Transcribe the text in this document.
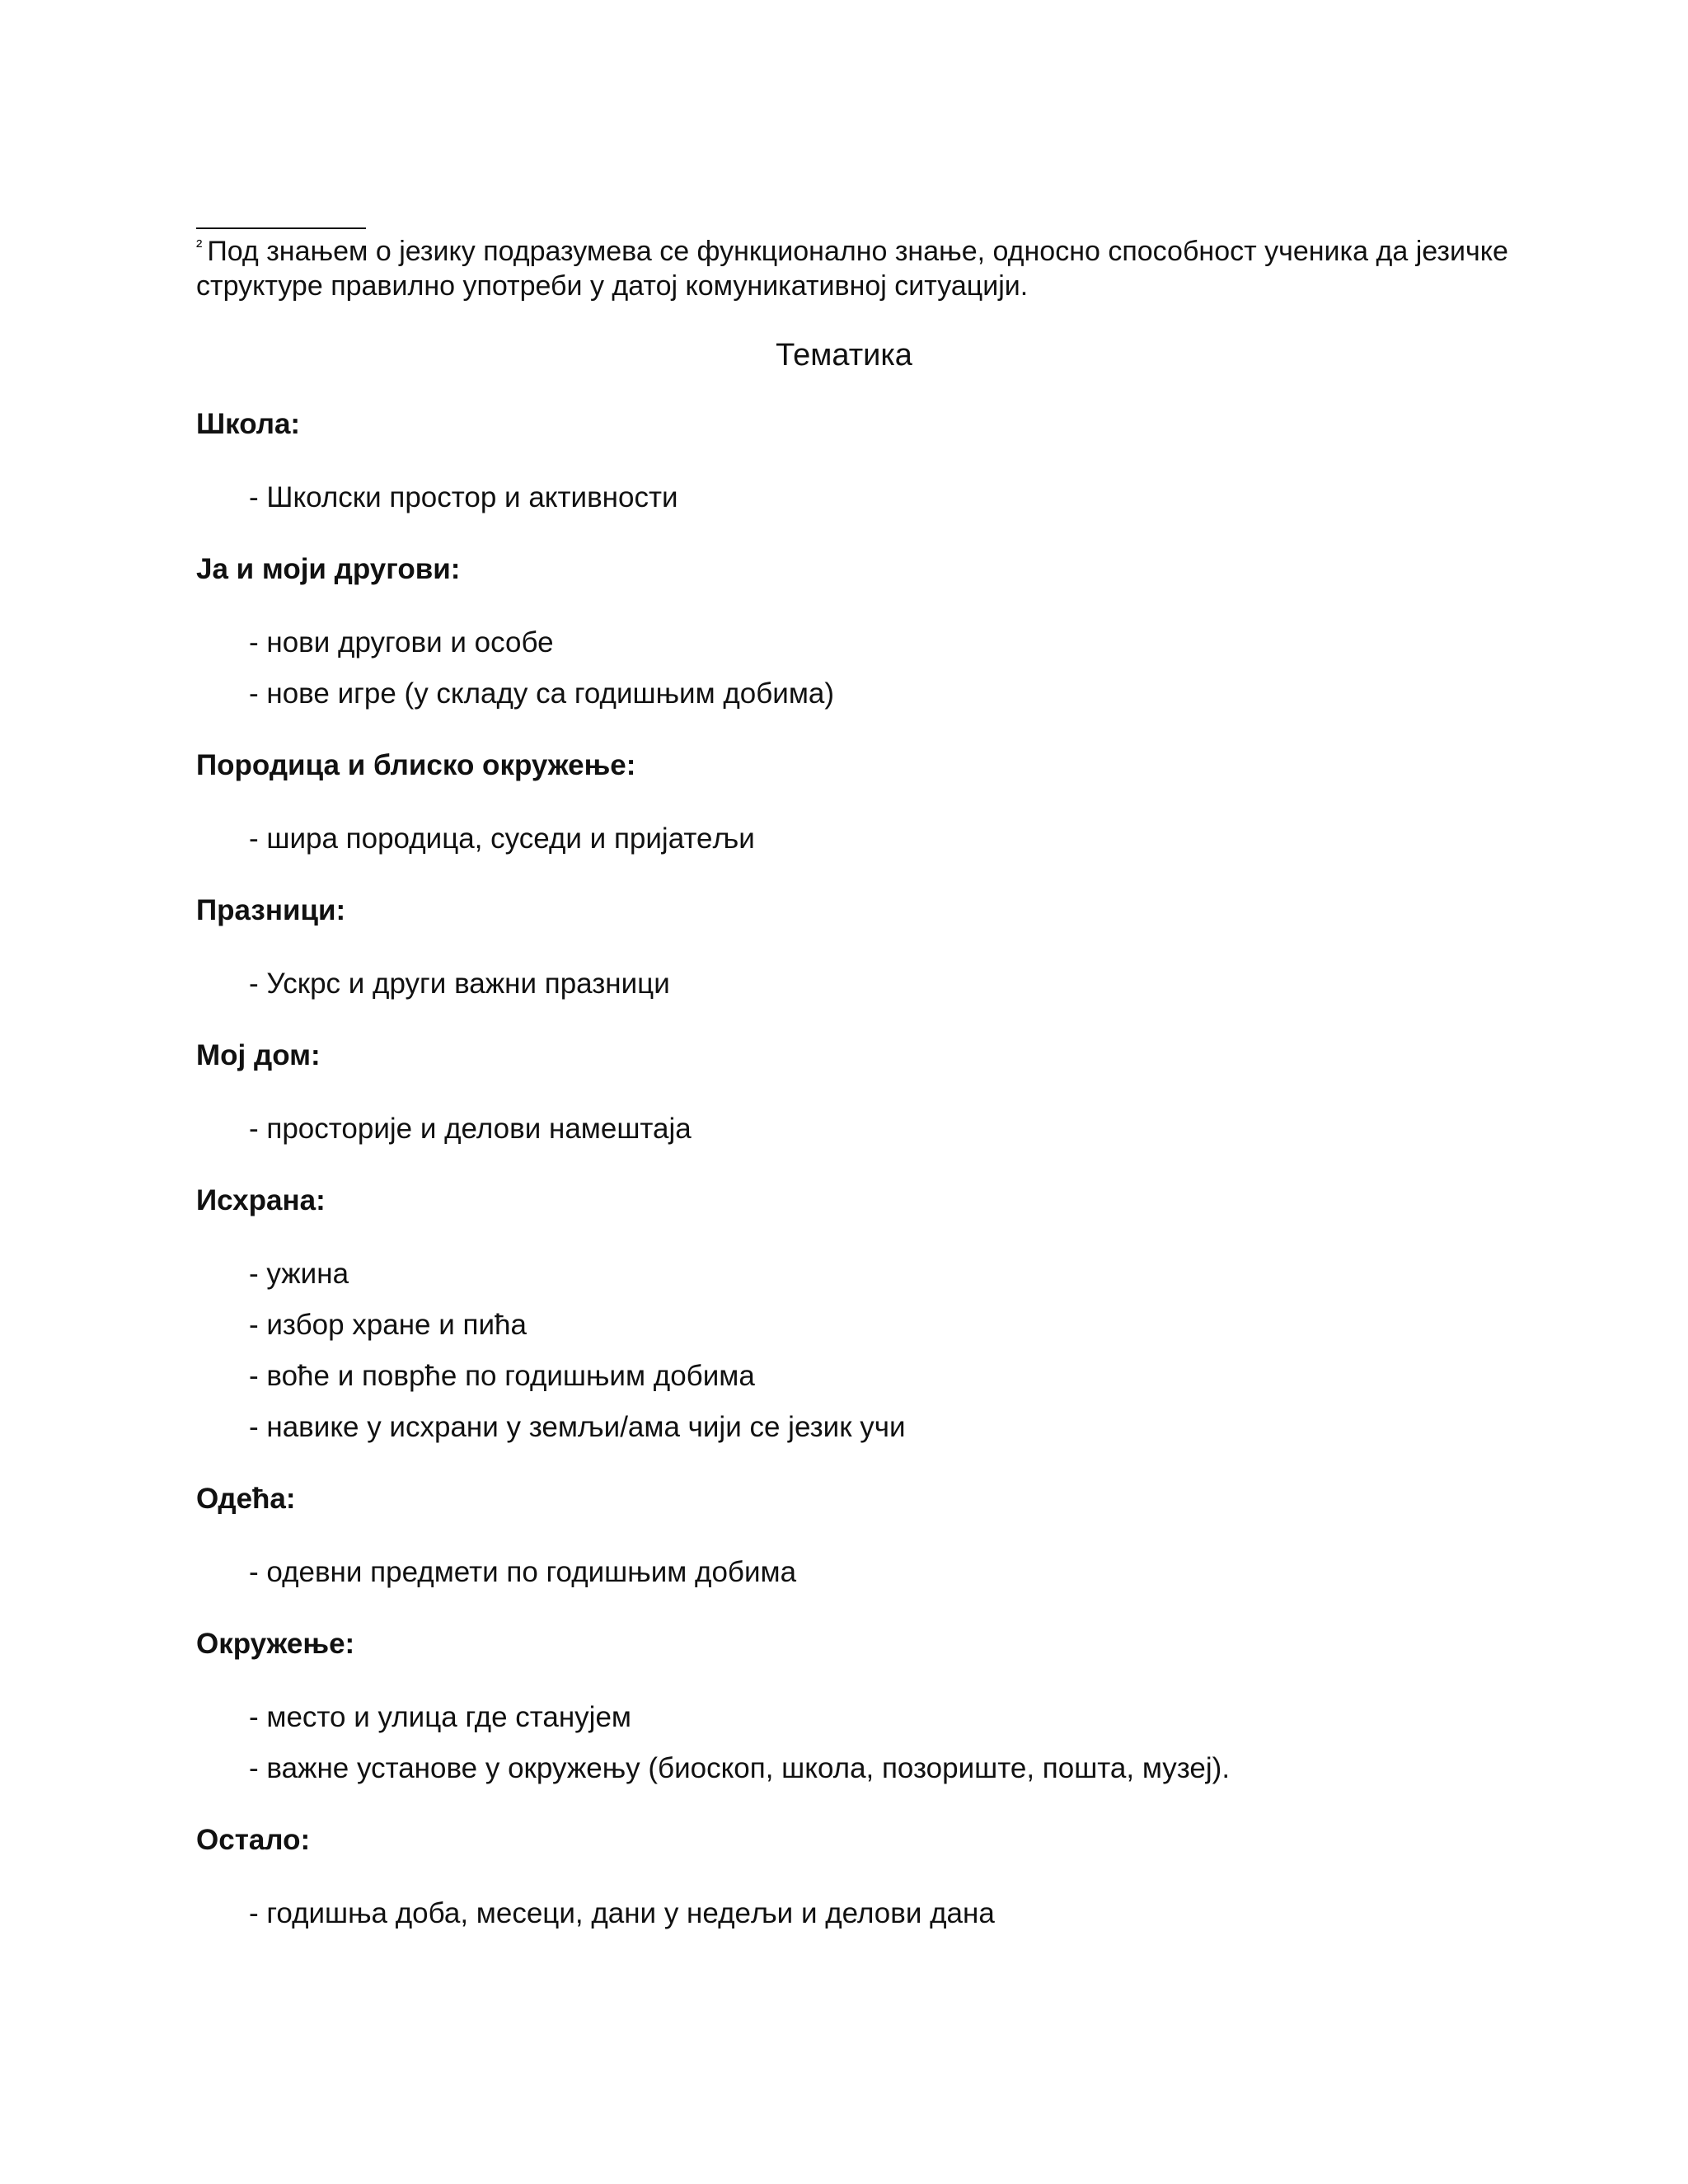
$^{^2}$ Под знањем о језику подразумева се функционално знање, односно способност ученика да језичке структуре правилно употреби у датој комуникативној ситуацији.
Тематика
Школа:
- Школски простор и активности
Ја и моји другови:
- нови другови и особе
- нове игре (у складу са годишњим добима)
Породица и блиско окружење:
- шира породица, суседи и пријатељи
Празници:
- Ускрс и други важни празници
Мој дом:
- просторије и делови намештаја
Исхрана:
- ужина
- избор хране и пића
- воће и поврће по годишњим добима
- навике у исхрани у земљи/ама чији се језик учи
Одећа:
- одевни предмети по годишњим добима
Окружење:
- место и улица где станујем
- важне установе у окружењу (биоскоп, школа, позориште, пошта, музеј).
Остало:
- годишња доба, месеци, дани у недељи и делови дана
